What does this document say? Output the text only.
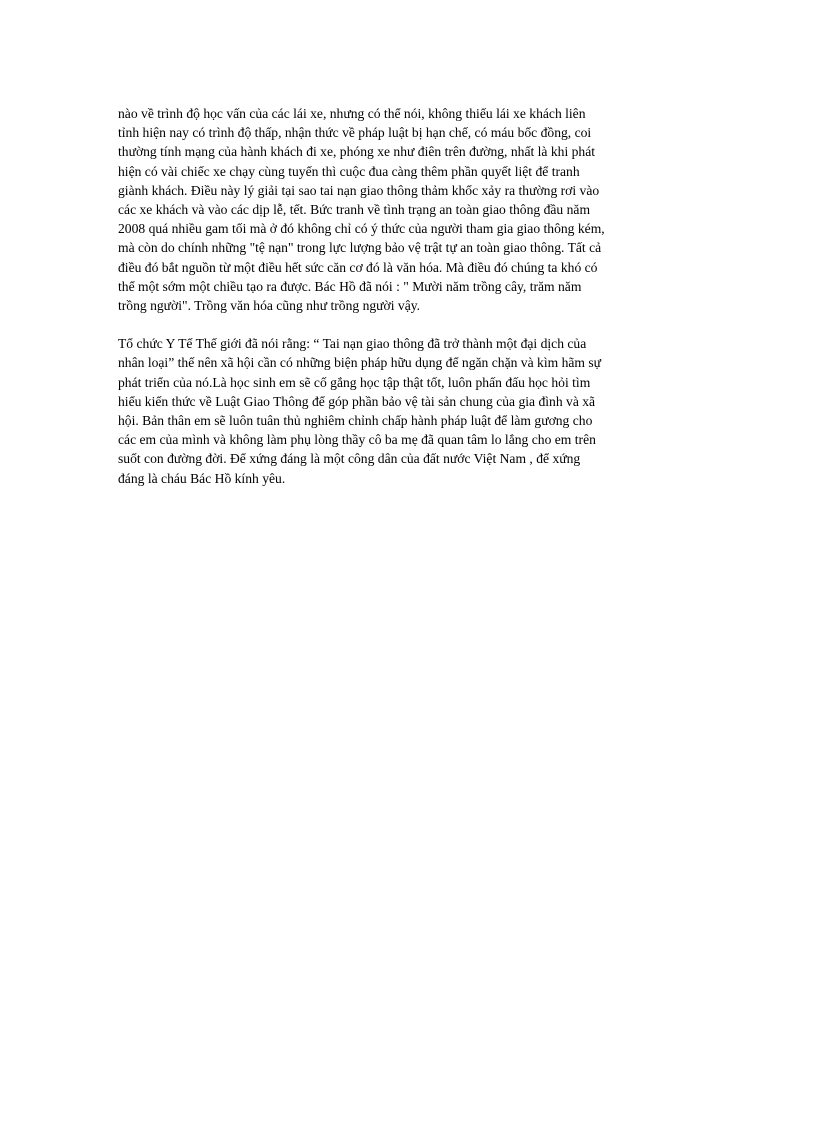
nào về trình độ học vấn của các lái xe, nhưng có thể nói, không thiếu lái xe khách liên
tỉnh hiện nay có trình độ thấp, nhận thức về pháp luật bị hạn chế, có máu bốc đồng, coi
thường tính mạng của hành khách đi xe, phóng xe như điên trên đường, nhất là khi phát
hiện có vài chiếc xe chạy cùng tuyến thì cuộc đua càng thêm phần quyết liệt để tranh
giành khách. Điều này lý giải tại sao tai nạn giao thông thảm khốc xảy ra thường rơi vào
các xe khách và vào các dịp lễ, tết. Bức tranh về tình trạng an toàn giao thông đầu năm
2008 quá nhiều gam tối mà ở đó không chỉ có ý thức của người tham gia giao thông kém,
mà còn do chính những "tệ nạn" trong lực lượng bảo vệ trật tự an toàn giao thông. Tất cả
điều đó bắt nguồn từ một điều hết sức căn cơ đó là văn hóa. Mà điều đó chúng ta khó có
thể một sớm một chiều tạo ra được. Bác Hồ đã nói : " Mười năm trồng cây, trăm năm
trồng người". Trồng văn hóa cũng như trồng người vậy.

Tổ chức Y Tế Thế giới đã nói rằng: “ Tai nạn giao thông đã trở thành một đại dịch của
nhân loại” thế nên xã hội cần có những biện pháp hữu dụng để ngăn chặn và kìm hãm sự
phát triển của nó.Là học sinh em sẽ cố gắng học tập thật tốt, luôn phấn đấu học hỏi tìm
hiểu kiến thức về Luật Giao Thông để góp phần bảo vệ tài sản chung của gia đình và xã
hội. Bản thân em sẽ luôn tuân thủ nghiêm chỉnh chấp hành pháp luật để làm gương cho
các em của mình và không làm phụ lòng thầy cô ba mẹ đã quan tâm lo lắng cho em trên
suốt con đường đời. Để xứng đáng là một công dân của đất nước Việt Nam , để xứng
đáng là cháu Bác Hồ kính yêu.
